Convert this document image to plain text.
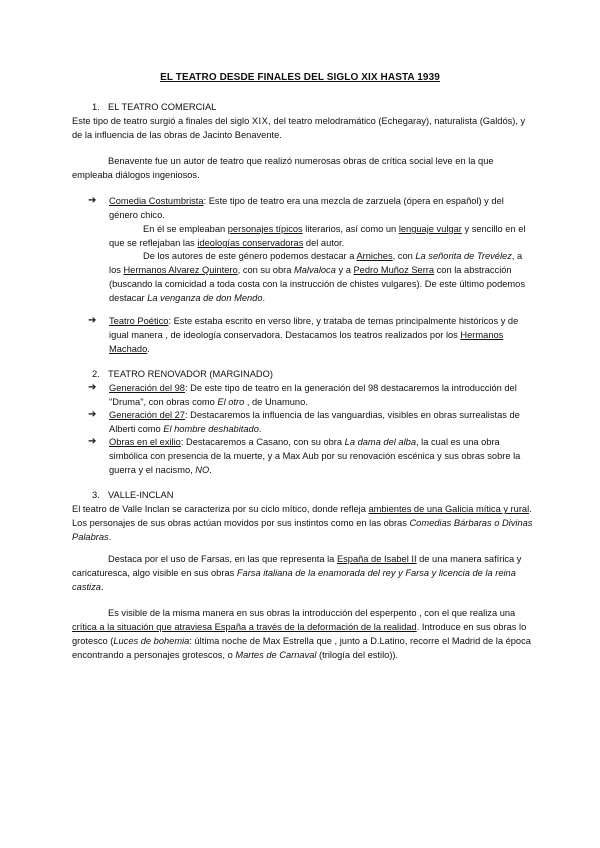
EL TEATRO DESDE FINALES DEL SIGLO XIX HASTA 1939
1. EL TEATRO COMERCIAL

Este tipo de teatro surgió a finales del siglo XIX, del teatro melodramático (Echegaray), naturalista (Galdós), y de la influencia de las obras de Jacinto Benavente.

Benavente fue un autor de teatro que realizó numerosas obras de crítica social leve en la que empleaba diálogos ingeniosos.

➔ Comedia Costumbrista: Este tipo de teatro era una mezcla de zarzuela (ópera en español) y del género chico.

En él se empleaban personajes típicos literarios, así como un lenguaje vulgar y sencillo en el que se reflejaban las ideologías conservadoras del autor.

De los autores de este género podemos destacar a Arniches, con La señorita de Trevélez, a los Hermanos Alvarez Quintero, con su obra Malvaloca y a Pedro Muñoz Serra con la abstracción (buscando la comicidad a toda costa con la instrucción de chistes vulgares). De este último podemos destacar La venganza de don Mendo.

➔ Teatro Poético: Este estaba escrito en verso libre, y trataba de temas principalmente históricos y de igual manera , de ideología conservadora. Destacamos los teatros realizados por los Hermanos Machado.

2. TEATRO RENOVADOR (MARGINADO)
➔ Generación del 98: De este tipo de teatro en la generación del 98 destacaremos la introducción del "Druma", con obras como El otro , de Unamuno.

➔ Generación del 27: Destacaremos la influencia de las vanguardias, visibles en obras surrealistas de Alberti como El hombre deshabitado.

➔ Obras en el exilio: Destacaremos a Casano, con su obra La dama del alba, la cual es una obra simbólica con presencia de la muerte, y a Max Aub por su renovación escénica y sus obras sobre la guerra y el nacismo, NO.

3. VALLE-INCLAN

El teatro de Valle Inclan se caracteriza por su ciclo mítico, donde refleja ambientes de una Galicia mítica y rural. Los personajes de sus obras actúan movidos por sus instintos como en las obras Comedias Bárbaras o Divinas Palabras.

Destaca por el uso de Farsas, en las que representa la España de Isabel II de una manera safírica y caricaturesca, algo visible en sus obras Farsa italiana de la enamorada del rey y Farsa y licencia de la reina castiza.

Es visible de la misma manera en sus obras la introducción del esperpento , con el que realiza una crítica a la situación que atraviesa España a través de la deformación de la realidad. Introduce en sus obras lo grotesco (Luces de bohemia: última noche de Max Estrella que , junto a D.Latino, recorre el Madrid de la época encontrando a personajes grotescos, o Martes de Carnaval (trilogía del estilo)).
